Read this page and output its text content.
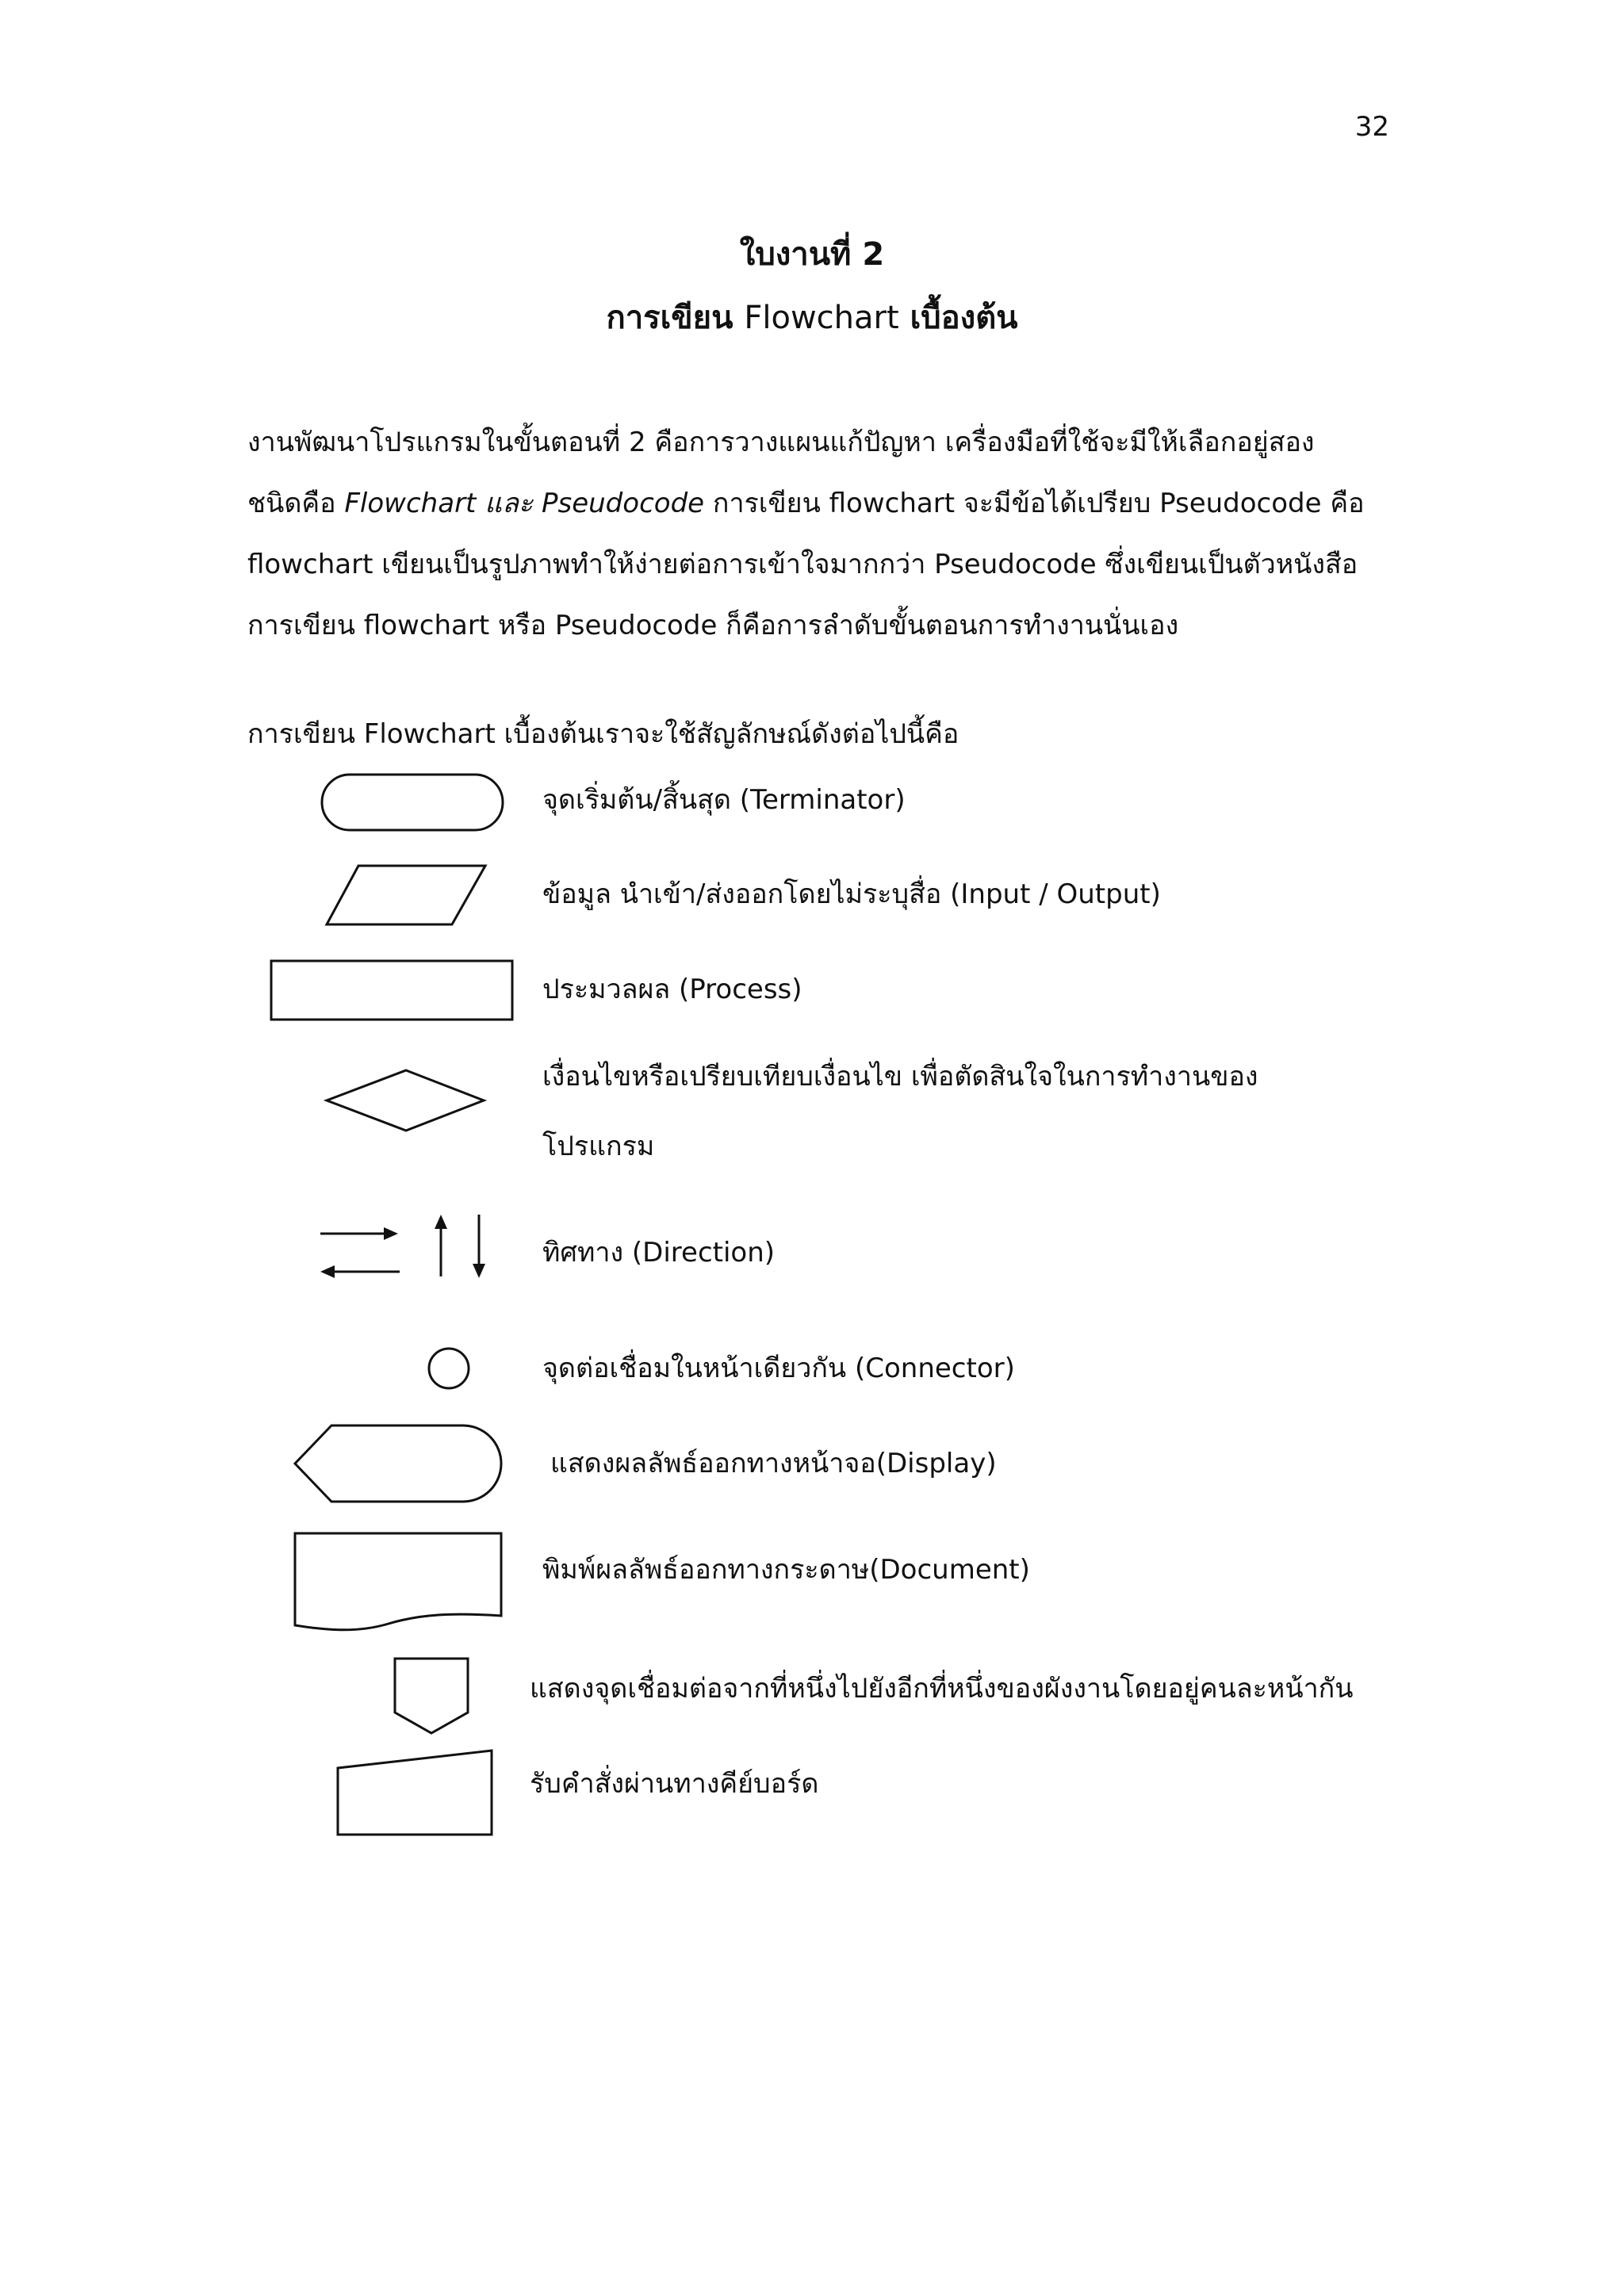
32
ใบงานที่ 2
การเขียน Flowchart เบื้องต้น
งานพัฒนาโปรแกรมในขั้นตอนที่ 2 คือการวางแผนแก้ปัญหา เครื่องมือที่ใช้จะมีให้เลือกอยู่สอง
ชนิดคือ Flowchart และ Pseudocode การเขียน flowchart จะมีข้อได้เปรียบ Pseudocode คือ
flowchart เขียนเป็นรูปภาพทำให้ง่ายต่อการเข้าใจมากกว่า Pseudocode ซึ่งเขียนเป็นตัวหนังสือ
การเขียน flowchart หรือ Pseudocode ก็คือการลำดับขั้นตอนการทำงานนั่นเอง
การเขียน Flowchart เบื้องต้นเราจะใช้สัญลักษณ์ดังต่อไปนี้คือ
จุดเริ่มต้น/สิ้นสุด (Terminator)
ข้อมูล นำเข้า/ส่งออกโดยไม่ระบุสื่อ (Input / Output)
ประมวลผล (Process)
เงื่อนไขหรือเปรียบเทียบเงื่อนไข เพื่อตัดสินใจในการทำงานของ
โปรแกรม
ทิศทาง (Direction)
จุดต่อเชื่อมในหน้าเดียวกัน (Connector)
แสดงผลลัพธ์ออกทางหน้าจอ(Display)
พิมพ์ผลลัพธ์ออกทางกระดาษ(Document)
แสดงจุดเชื่อมต่อจากที่หนึ่งไปยังอีกที่หนึ่งของผังงานโดยอยู่คนละหน้ากัน
รับคำสั่งผ่านทางคีย์บอร์ด
